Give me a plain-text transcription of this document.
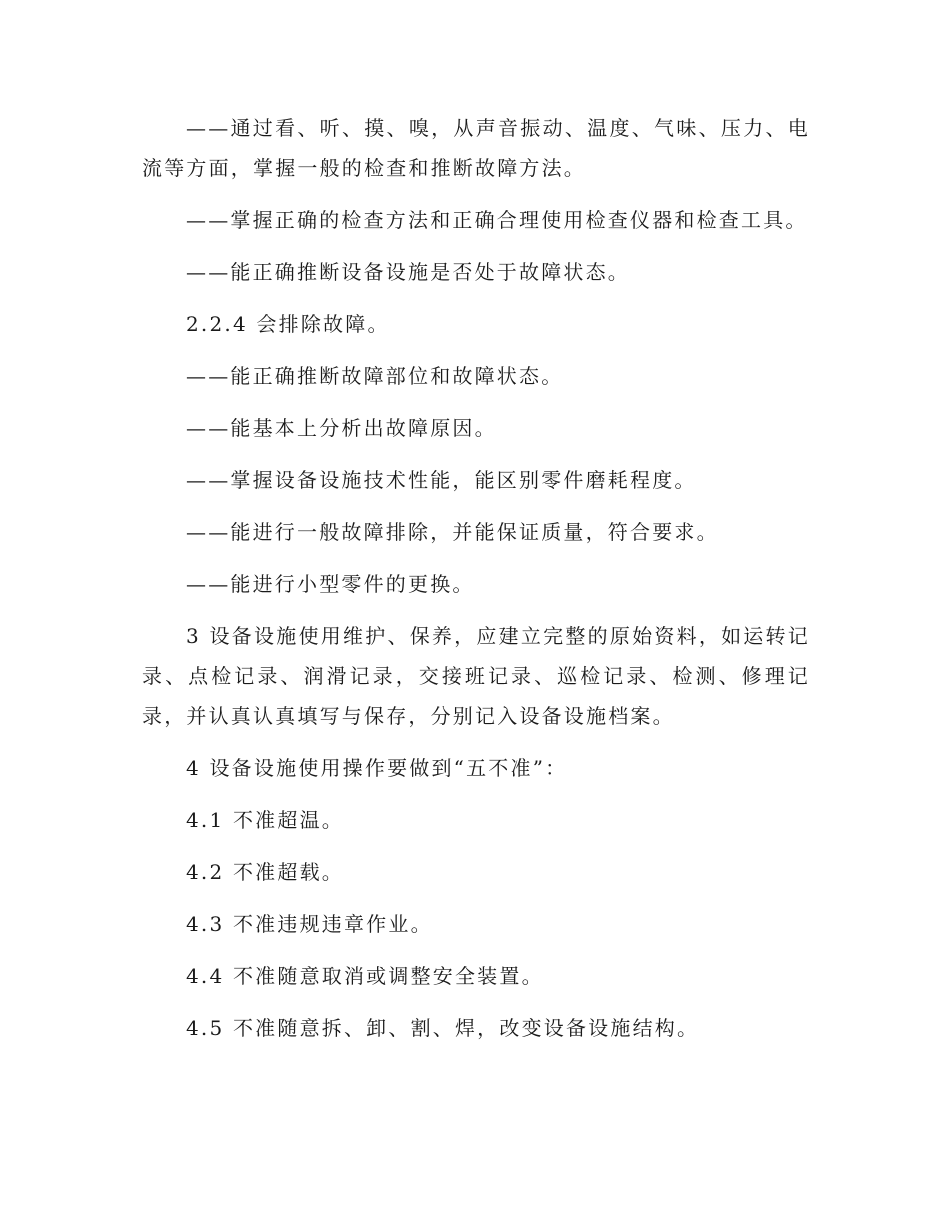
——通过看、听、摸、嗅，从声音振动、温度、气味、压力、电流等方面，掌握一般的检查和推断故障方法。

——掌握正确的检查方法和正确合理使用检查仪器和检查工具。

——能正确推断设备设施是否处于故障状态。

2.2.4 会排除故障。

——能正确推断故障部位和故障状态。

——能基本上分析出故障原因。

——掌握设备设施技术性能，能区别零件磨耗程度。

——能进行一般故障排除，并能保证质量，符合要求。

——能进行小型零件的更换。

3 设备设施使用维护、保养，应建立完整的原始资料，如运转记录、点检记录、润滑记录，交接班记录、巡检记录、检测、修理记录，并认真认真填写与保存，分别记入设备设施档案。

4 设备设施使用操作要做到“五不准”：

4.1 不准超温。

4.2 不准超载。

4.3 不准违规违章作业。

4.4 不准随意取消或调整安全装置。

4.5 不准随意拆、卸、割、焊，改变设备设施结构。
